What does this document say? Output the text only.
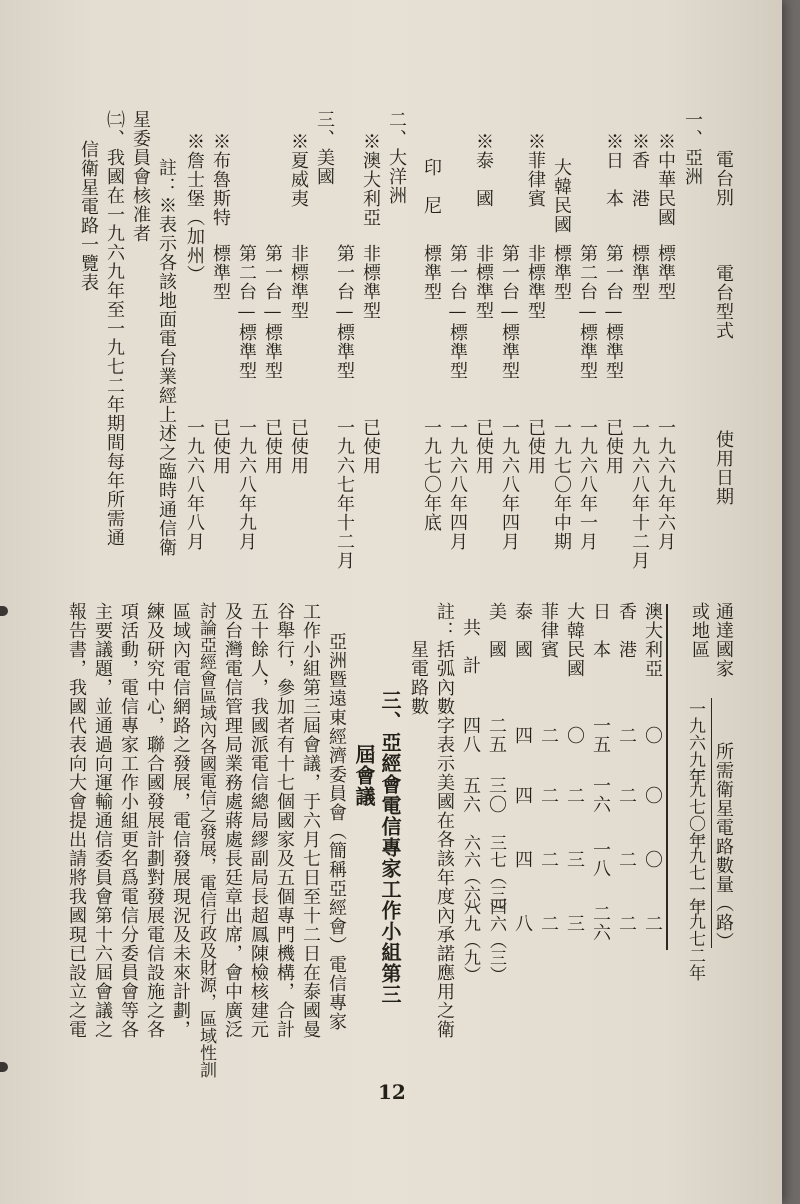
電台別
電台型式
使用日期
一、亞洲
二、大洋洲
三、美國	※中華民國
標準型
一九六九年六月
※香　港
標準型
一九六八年十二月
※日　本
第一台—標準型
已使用
第二台—標準型
一九六八年一月
大韓民國
標準型
一九七〇年中期
※菲律賓
非標準型
已使用
第一台—標準型
一九六八年四月
※泰　國
非標準型
已使用
第一台—標準型
一九六八年四月
印　尼
標準型
一九七〇年底
※澳大利亞
非標準型
已使用
第一台—標準型
一九六七年十二月
※夏威夷
非標準型
已使用
第一台—標準型
已使用
第二台—標準型
一九六八年九月
※布魯斯特
標準型
已使用
※詹士堡（加州）
一九六八年八月
註：※表示各該地面電台業經上述之臨時通信衛
星委員會核准者
㈡、我國在一九六九年至一九七二年期間每年所需通
信衛星電路一覽表
通達國家
或地區
所需衛星電路數量（路）
一九六九年
一九七〇年
一九七一年
一九七二年
澳大利亞
〇
〇
〇
二
香　港
二
二
二
二
日　本
一五
一六
一八
二六
大韓民國
〇
二
三
三
菲律賓
二
二
二
二
泰　國
四
四
四
八
美　國
二五
三〇
三七（三）
四六（三）
共　計
四八
五六
六六（六）
八九（九）
註：括弧內數字表示美國在各該年度內承諾應用之衛
星電路數
三、亞經會電信專家工作小組第三
屆會議
亞洲暨遠東經濟委員會（簡稱亞經會）電信專家
工作小組第三屆會議，于六月七日至十二日在泰國曼
谷舉行，參加者有十七個國家及五個專門機構，合計
五十餘人，我國派電信總局繆副局長超鳳陳檢核建元
及台灣電信管理局業務處蔣處長廷章出席，會中廣泛
討論亞經會區域內各國電信之發展，電信行政及財源，區域性訓
區域內電信網路之發展，電信發展現況及未來計劃，
練及研究中心，聯合國發展計劃對發展電信設施之各
項活動，電信專家工作小組更名爲電信分委員會等各
主要議題，並通過向運輸通信委員會第十六屆會議之
報告書，我國代表向大會提出請將我國現已設立之電
12
